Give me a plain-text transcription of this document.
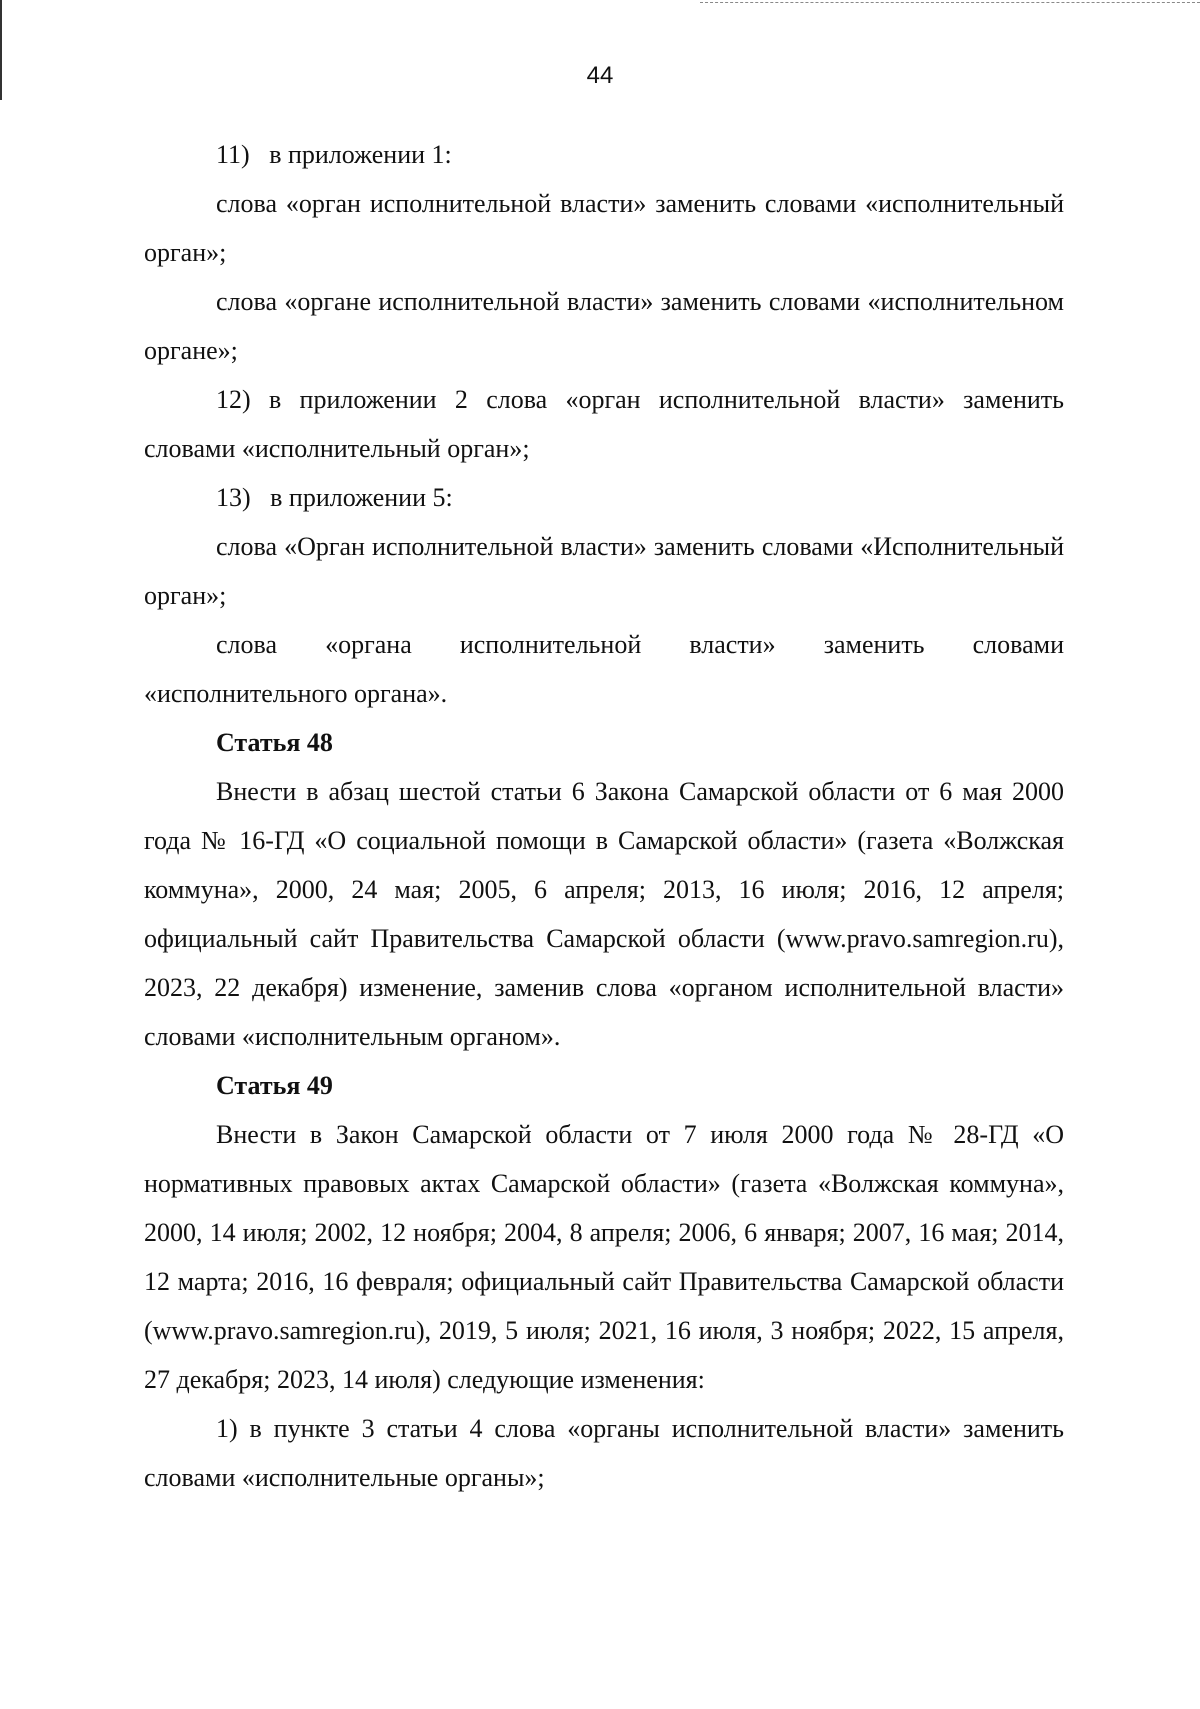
44

11)   в приложении 1:

слова «орган исполнительной власти» заменить словами «исполнительный орган»;

слова «органе исполнительной власти» заменить словами «исполнительном органе»;

12) в приложении 2 слова «орган исполнительной власти» заменить словами «исполнительный орган»;

13)   в приложении 5:

слова «Орган исполнительной власти» заменить словами «Исполнительный орган»;

слова «органа исполнительной власти» заменить словами «исполнительного органа».

Статья 48

Внести в абзац шестой статьи 6 Закона Самарской области от 6 мая 2000 года № 16-ГД «О социальной помощи в Самарской области» (газета «Волжская коммуна», 2000, 24 мая; 2005, 6 апреля; 2013, 16 июля; 2016, 12 апреля; официальный сайт Правительства Самарской области (www.pravo.samregion.ru), 2023, 22 декабря) изменение, заменив слова «органом исполнительной власти» словами «исполнительным органом».

Статья 49

Внести в Закон Самарской области от 7 июля 2000 года № 28-ГД «О нормативных правовых актах Самарской области» (газета «Волжская коммуна», 2000, 14 июля; 2002, 12 ноября; 2004, 8 апреля; 2006, 6 января; 2007, 16 мая; 2014, 12 марта; 2016, 16 февраля; официальный сайт Правительства Самарской области (www.pravo.samregion.ru), 2019, 5 июля; 2021, 16 июля, 3 ноября; 2022, 15 апреля, 27 декабря; 2023, 14 июля) следующие изменения:

1) в пункте 3 статьи 4 слова «органы исполнительной власти» заменить словами «исполнительные органы»;
